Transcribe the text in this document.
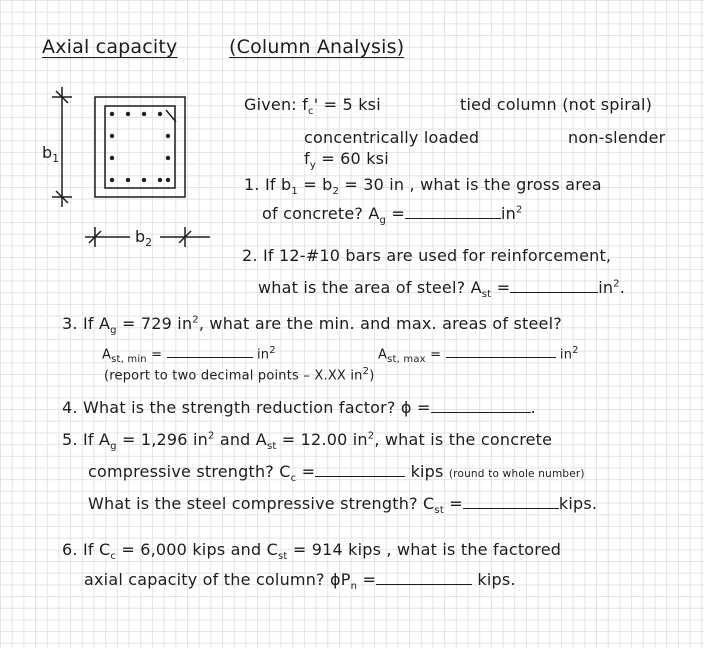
Axial capacity	(Column Analysis)
$b_1$
$b_2$
Given: $f_c' = 5$ ksi	tied column (not spiral)
concentrically loaded	non-slender
$f_y = 60$ ksi
1. If $b_1 = b_2 = 30$ in , what is the gross area
of concrete? $A_g$ =	$in^2$
2. If 12-#10 bars are used for reinforcement,
what is the area of steel? $A_{st}$ =	$in^2$.
3. If $A_g = 729$ $in^2$, what are the min. and max. areas of steel?
$A_{st, min}$ =	$in^2$	$A_{st, max}$ =	$in^2$
(report to two decimal points – X.XX $in^2$)
4. What is the strength reduction factor? ϕ =	.
5. If $A_g = 1,296$ $in^2$ and $A_{st} = 12.00$ $in^2$, what is the concrete
compressive strength? $C_c$ =	kips (round to whole number)
What is the steel compressive strength? $C_{st}$ =	kips.
6. If $C_c = 6,000$ kips and $C_{st} = 914$ kips , what is the factored
axial capacity of the column? $\phi P_n$ =	kips.
